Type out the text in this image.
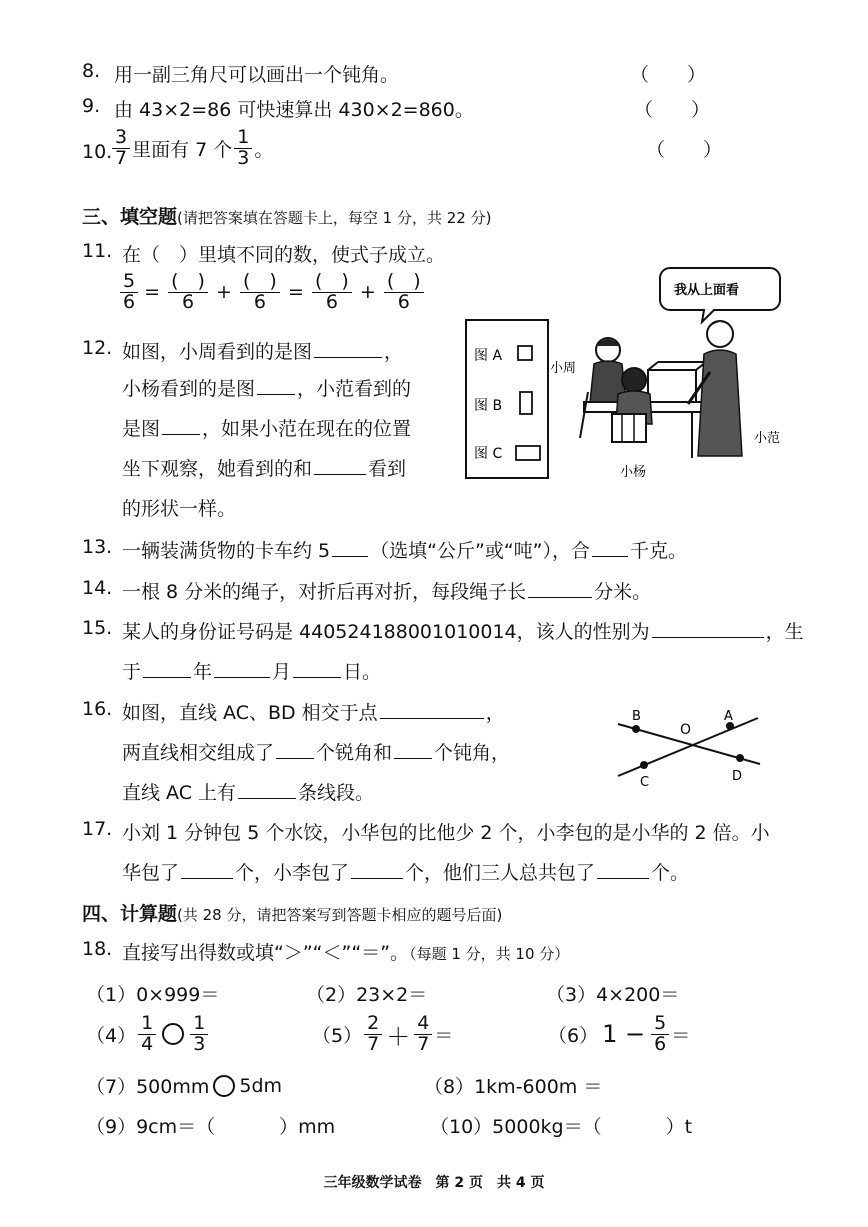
8. 用一副三角尺可以画出一个钝角。	（　　）
9. 由 43×2=86 可快速算出 430×2=860。	（　　）
10. $\frac{3}{7}$ 里面有 7 个 $\frac{1}{3}$ 。	（　　）
三、填空题(请把答案填在答题卡上，每空 1 分，共 22 分)
11. 在（　）里填不同的数，使式子成立。
$\frac{5}{6} = \frac{( )}{6} + \frac{( )}{6} = \frac{( )}{6} + \frac{( )}{6}$
12. 如图，小周看到的是图	，
小杨看到的是图 ，小范看到的
是图 ，如果小范在现在的位置
坐下观察，她看到的和	看到
的形状一样。
图 A
图 B
图 C
我从上面看
小周
小杨
小范
13. 一辆装满货物的卡车约 5 （选填“公斤”或“吨”），合 千克。
14. 一根 8 分米的绳子，对折后再对折，每段绳子长	分米。
15. 某人的身份证号码是 440524188001010014，该人的性别为	，生
于	年	月	日。
16. 如图，直线 AC、BD 相交于点	，
两直线相交组成了 个锐角和 个钝角，
直线 AC 上有	条线段。
B	A
O
C	D
17. 小刘 1 分钟包 5 个水饺，小华包的比他少 2 个，小李包的是小华的 2 倍。小
华包了	个，小李包了	个，他们三人总共包了	个。
四、计算题(共 28 分，请把答案写到答题卡相应的题号后面)
18. 直接写出得数或填“＞”“＜”“＝”。（每题 1 分，共 10 分）
（1）0×999＝	（2）23×2＝	（3）4×200＝
$(4) \frac{1}{4} \frac{1}{3}$	$(5) \frac{2}{7} + \frac{4}{7}$ ＝	（6） $1 - \frac{5}{6}$ ＝
（7）500mm 5dm	（8）1km-600m ＝
（9）9cm＝（	）mm	（10）5000kg＝（	）t
三年级数学试卷　第 2 页　共 4 页
